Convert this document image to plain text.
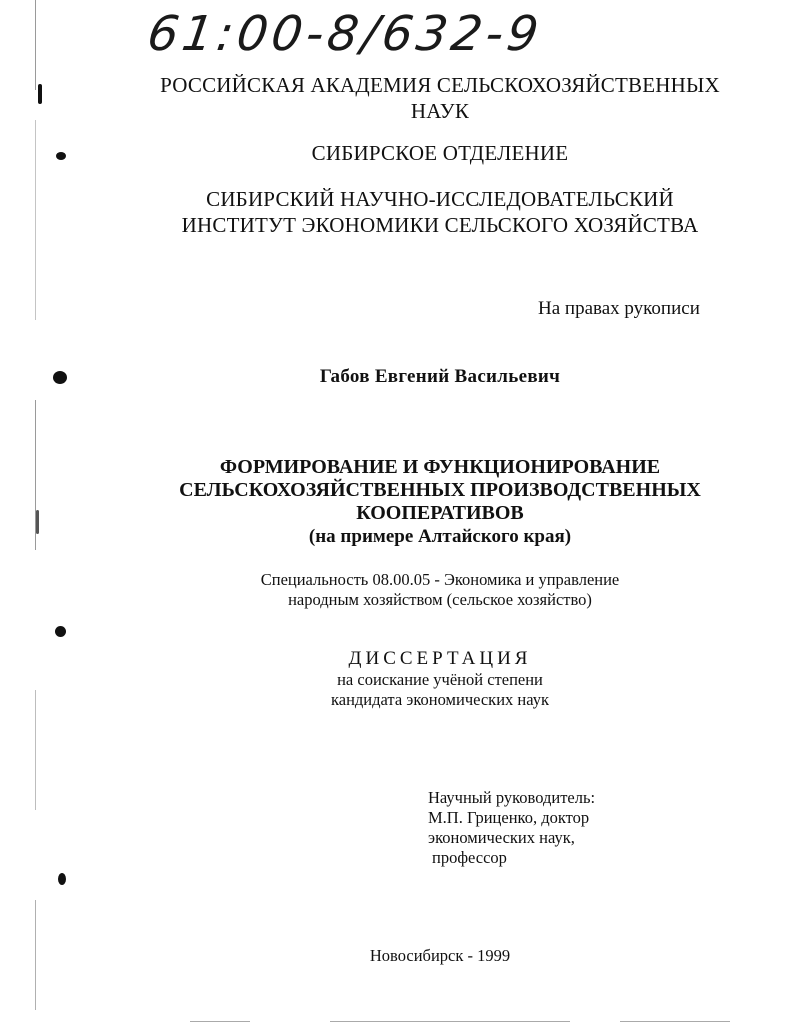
61:00-8/632-9
РОССИЙСКАЯ АКАДЕМИЯ СЕЛЬСКОХОЗЯЙСТВЕННЫХ
НАУК
СИБИРСКОЕ ОТДЕЛЕНИЕ
СИБИРСКИЙ НАУЧНО-ИССЛЕДОВАТЕЛЬСКИЙ
ИНСТИТУТ ЭКОНОМИКИ СЕЛЬСКОГО ХОЗЯЙСТВА
На правах рукописи
Габов Евгений Васильевич
ФОРМИРОВАНИЕ И ФУНКЦИОНИРОВАНИЕ
СЕЛЬСКОХОЗЯЙСТВЕННЫХ ПРОИЗВОДСТВЕННЫХ
КООПЕРАТИВОВ
(на примере Алтайского края)
Специальность 08.00.05 - Экономика и управление
народным хозяйством (сельское хозяйство)
ДИССЕРТАЦИЯ
на соискание учёной степени
кандидата экономических наук
Научный руководитель:
М.П. Гриценко, доктор
экономических наук,
профессор
Новосибирск - 1999
